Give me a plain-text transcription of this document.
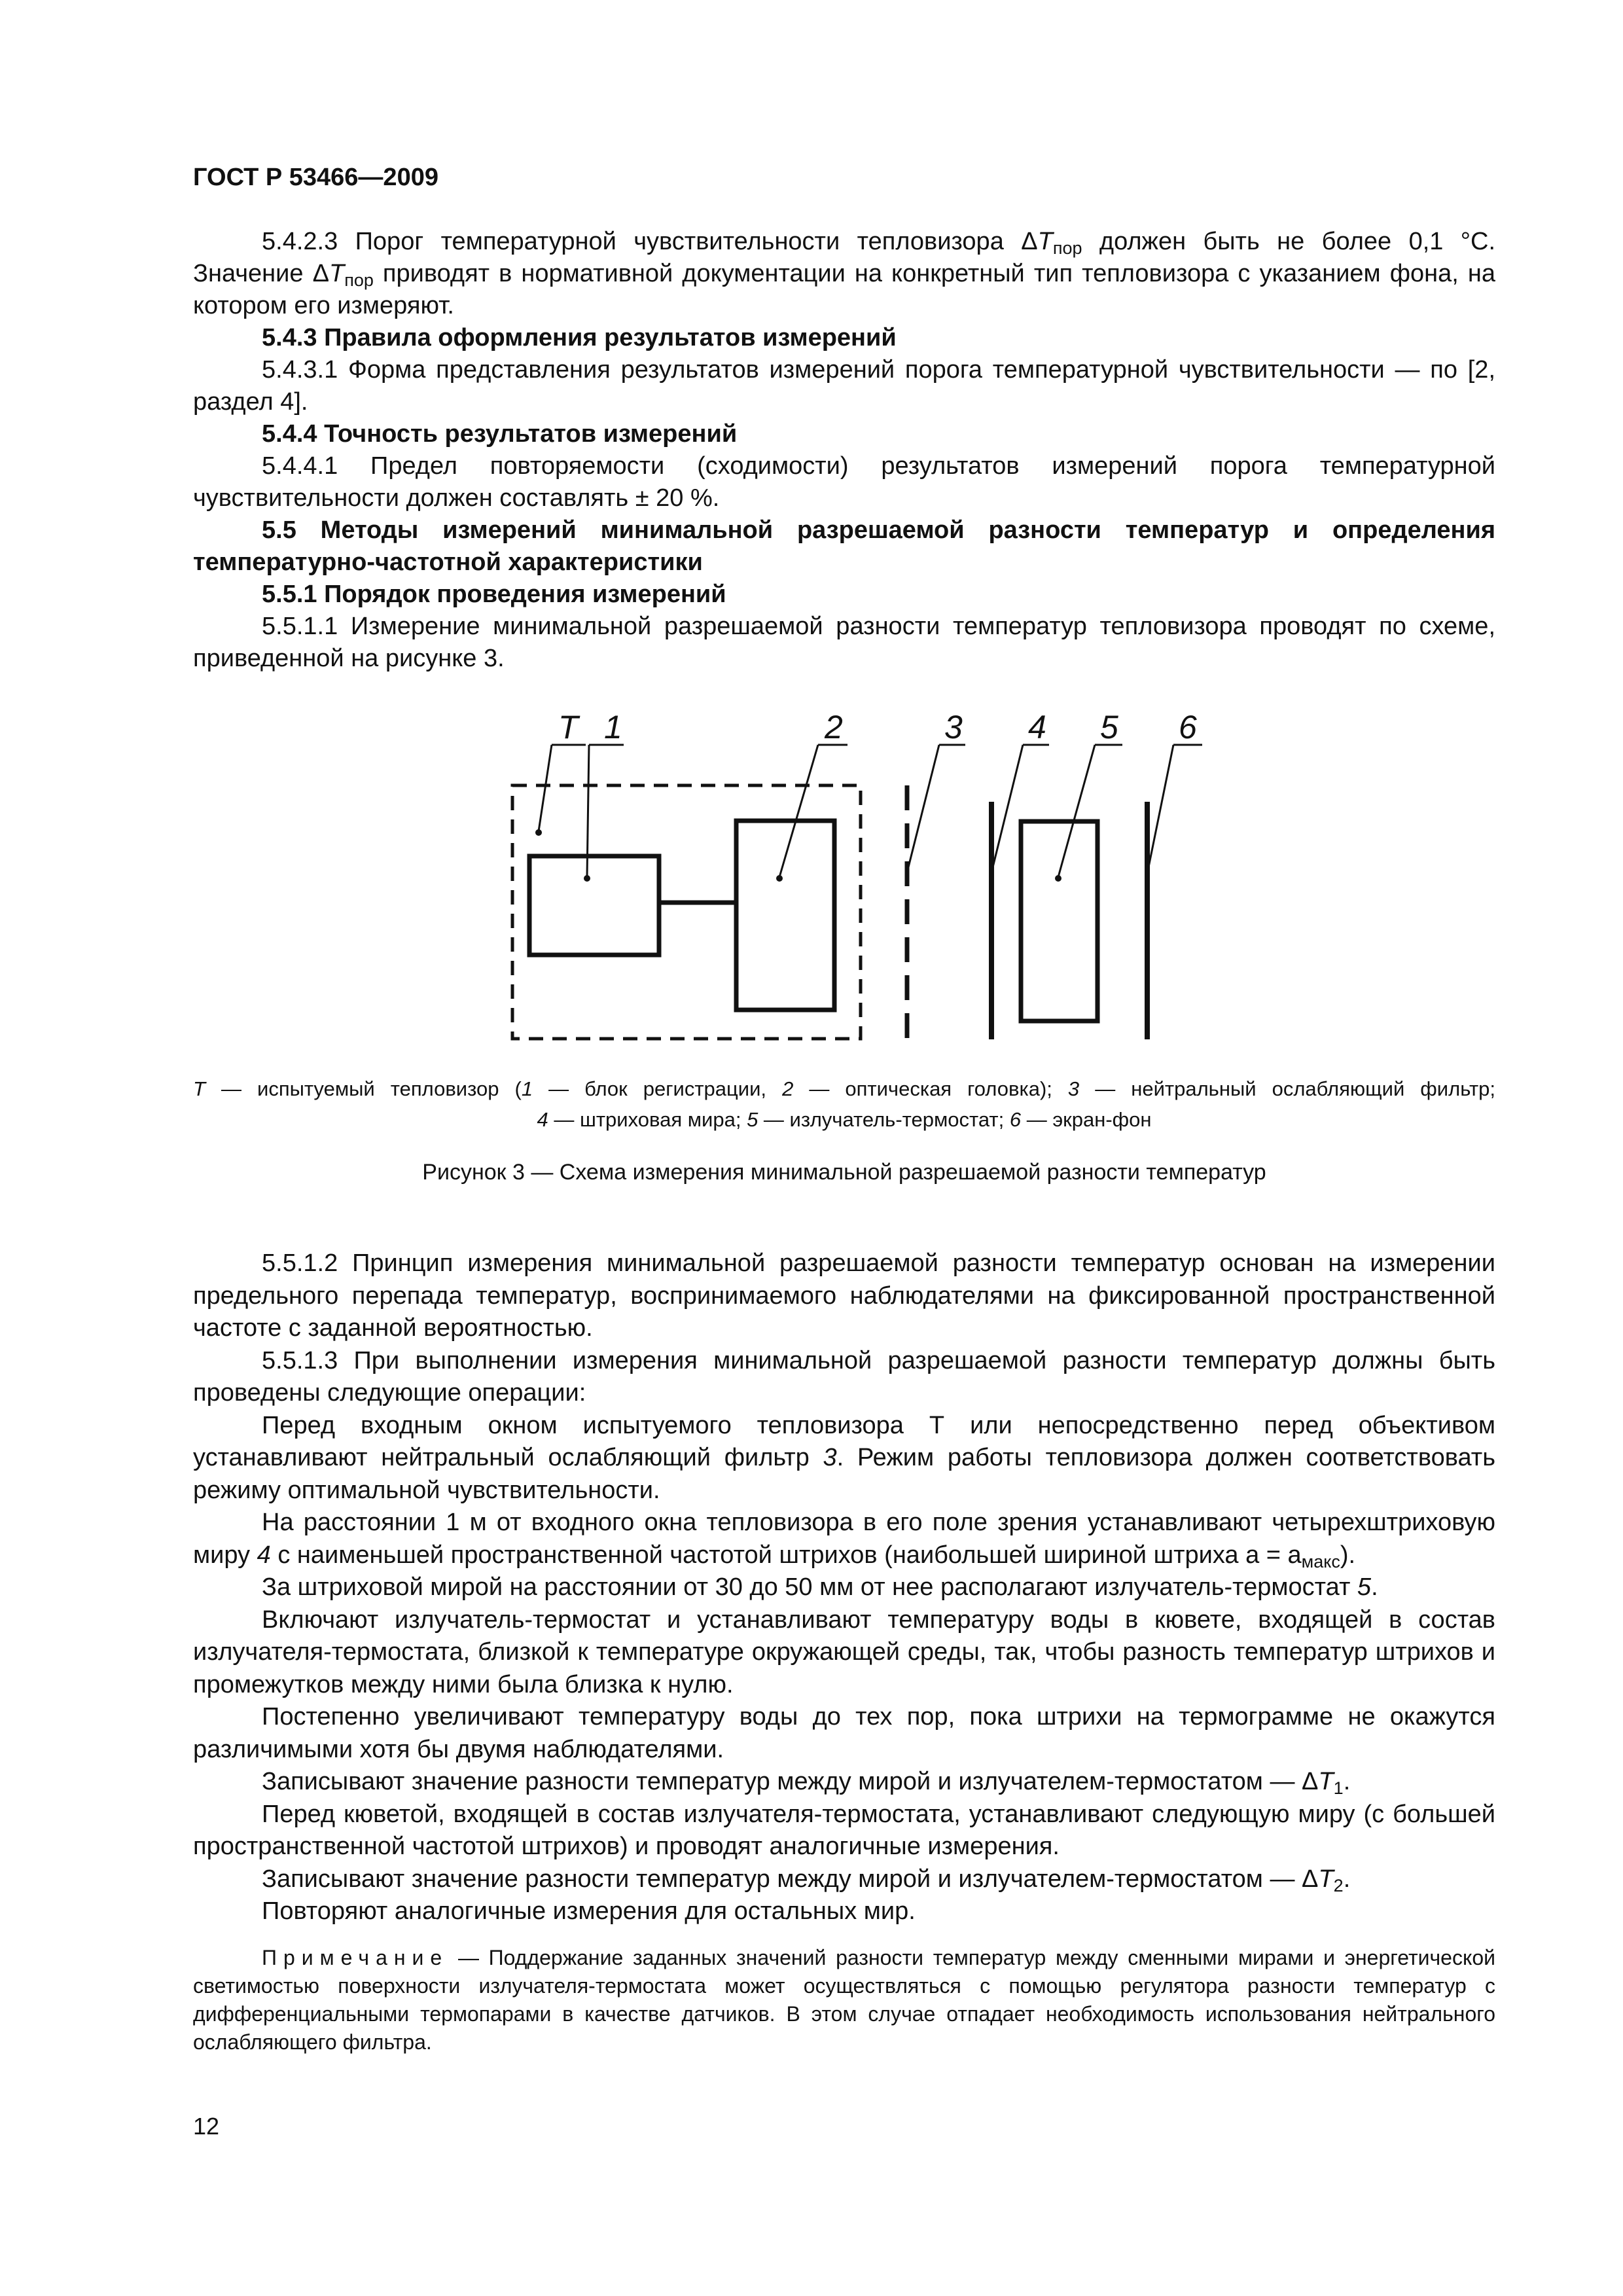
ГОСТ Р 53466—2009

5.4.2.3 Порог температурной чувствительности тепловизора $\Delta T_{пор}$ должен быть не более 0,1 °C. Значение $\Delta T_{пор}$ приводят в нормативной документации на конкретный тип тепловизора с указанием фона, на котором его измеряют.

5.4.3 Правила оформления результатов измерений

5.4.3.1 Форма представления результатов измерений порога температурной чувствительности — по [2, раздел 4].

5.4.4 Точность результатов измерений

5.4.4.1 Предел повторяемости (сходимости) результатов измерений порога температурной чувствительности должен составлять ± 20 %.

5.5 Методы измерений минимальной разрешаемой разности температур и определения температурно-частотной характеристики

5.5.1 Порядок проведения измерений

5.5.1.1 Измерение минимальной разрешаемой разности температур тепловизора проводят по схеме, приведенной на рисунке 3.

Т 1	2	3 4 5 6
Т — испытуемый тепловизор (1 — блок регистрации, 2 — оптическая головка); 3 — нейтральный ослабляющий фильтр;
4 — штриховая мира; 5 — излучатель-термостат; 6 — экран-фон
Рисунок 3 — Схема измерения минимальной разрешаемой разности температур

5.5.1.2 Принцип измерения минимальной разрешаемой разности температур основан на измерении предельного перепада температур, воспринимаемого наблюдателями на фиксированной пространственной частоте с заданной вероятностью.

5.5.1.3 При выполнении измерения минимальной разрешаемой разности температур должны быть проведены следующие операции:

Перед входным окном испытуемого тепловизора Т или непосредственно перед объективом устанавливают нейтральный ослабляющий фильтр 3. Режим работы тепловизора должен соответствовать режиму оптимальной чувствительности.

На расстоянии 1 м от входного окна тепловизора в его поле зрения устанавливают четырехштриховую миру 4 с наименьшей пространственной частотой штрихов (наибольшей шириной штриха $а = а_{макс}$).

За штриховой мирой на расстоянии от 30 до 50 мм от нее располагают излучатель-термостат 5.

Включают излучатель-термостат и устанавливают температуру воды в кювете, входящей в состав излучателя-термостата, близкой к температуре окружающей среды, так, чтобы разность температур штрихов и промежутков между ними была близка к нулю.

Постепенно увеличивают температуру воды до тех пор, пока штрихи на термограмме не окажутся различимыми хотя бы двумя наблюдателями.

Записывают значение разности температур между мирой и излучателем-термостатом — $\Delta T_1$.

Перед кюветой, входящей в состав излучателя-термостата, устанавливают следующую миру (с большей пространственной частотой штрихов) и проводят аналогичные измерения.

Записывают значение разности температур между мирой и излучателем-термостатом — $\Delta T_2$.

Повторяют аналогичные измерения для остальных мир.

Примечание — Поддержание заданных значений разности температур между сменными мирами и энергетической светимостью поверхности излучателя-термостата может осуществляться с помощью регулятора разности температур с дифференциальными термопарами в качестве датчиков. В этом случае отпадает необходимость использования нейтрального ослабляющего фильтра.

12
